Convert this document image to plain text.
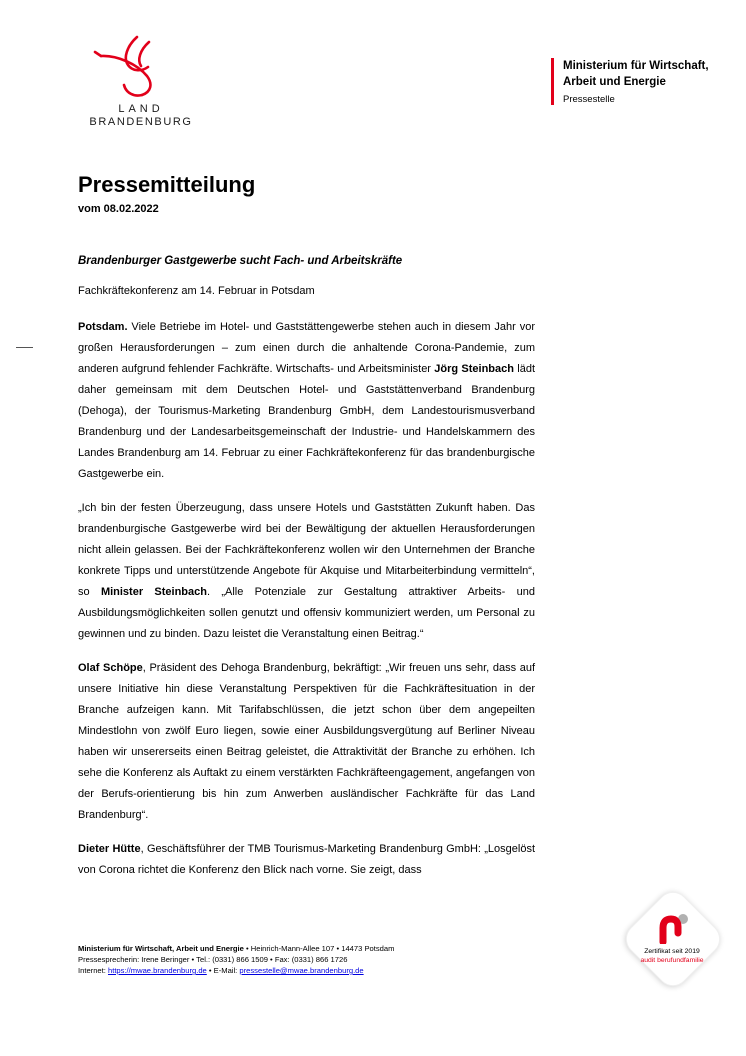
LAND
BRANDENBURG
Ministerium für Wirtschaft,
Arbeit und Energie
Pressestelle
Pressemitteilung
vom 08.02.2022
Brandenburger Gastgewerbe sucht Fach- und Arbeitskräfte
Fachkräftekonferenz am 14. Februar in Potsdam

Potsdam. Viele Betriebe im Hotel- und Gaststättengewerbe stehen auch in diesem Jahr vor großen Herausforderungen – zum einen durch die anhaltende Corona-Pandemie, zum anderen aufgrund fehlender Fachkräfte. Wirtschafts- und Arbeitsminister Jörg Steinbach lädt daher gemeinsam mit dem Deutschen Hotel- und Gaststättenverband Brandenburg (Dehoga), der Tourismus-Marketing Brandenburg GmbH, dem Landestourismusverband Brandenburg und der Landesarbeitsgemeinschaft der Industrie- und Handelskammern des Landes Brandenburg am 14. Februar zu einer Fachkräftekonferenz für das brandenburgische Gastgewerbe ein.

„Ich bin der festen Überzeugung, dass unsere Hotels und Gaststätten Zukunft haben. Das brandenburgische Gastgewerbe wird bei der Bewältigung der aktuellen Herausforderungen nicht allein gelassen. Bei der Fachkräftekonferenz wollen wir den Unternehmen der Branche konkrete Tipps und unterstützende Angebote für Akquise und Mitarbeiterbindung vermitteln“, so Minister Steinbach. „Alle Potenziale zur Gestaltung attraktiver Arbeits- und Ausbildungsmöglichkeiten sollen genutzt und offensiv kommuniziert werden, um Personal zu gewinnen und zu binden. Dazu leistet die Veranstaltung einen Beitrag.“

Olaf Schöpe, Präsident des Dehoga Brandenburg, bekräftigt: „Wir freuen uns sehr, dass auf unsere Initiative hin diese Veranstaltung Perspektiven für die Fachkräftesituation in der Branche aufzeigen kann. Mit Tarifabschlüssen, die jetzt schon über dem angepeilten Mindestlohn von zwölf Euro liegen, sowie einer Ausbildungsvergütung auf Berliner Niveau haben wir unsererseits einen Beitrag geleistet, die Attraktivität der Branche zu erhöhen. Ich sehe die Konferenz als Auftakt zu einem verstärkten Fachkräfteengagement, angefangen von der Berufs-orientierung bis hin zum Anwerben ausländischer Fachkräfte für das Land Brandenburg“.

Dieter Hütte, Geschäftsführer der TMB Tourismus-Marketing Brandenburg GmbH: „Losgelöst von Corona richtet die Konferenz den Blick nach vorne. Sie zeigt, dass

Ministerium für Wirtschaft, Arbeit und Energie • Heinrich-Mann-Allee 107 • 14473 Potsdam
Pressesprecherin: Irene Beringer • Tel.: (0331) 866 1509 • Fax: (0331) 866 1726
Internet: https://mwae.brandenburg.de • E-Mail: pressestelle@mwae.brandenburg.de
Zertifikat seit 2019
audit berufundfamilie
